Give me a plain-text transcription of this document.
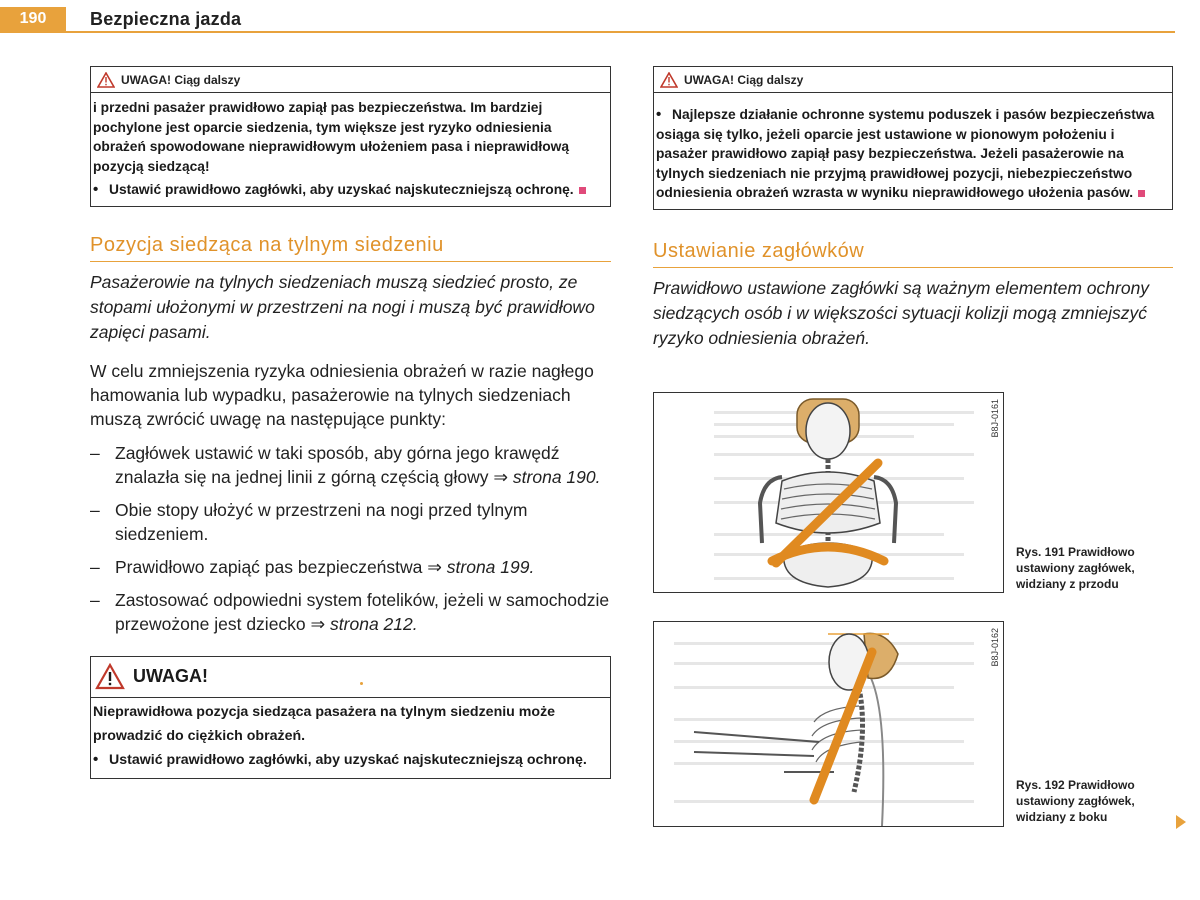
190	Bezpieczna jazda
UWAGA! Ciąg dalszy

i przedni pasażer prawidłowo zapiął pas bezpieczeństwa. Im bardziej pochylone jest oparcie siedzenia, tym większe jest ryzyko odniesienia obrażeń spowodowane nieprawidłowym ułożeniem pasa i nieprawidłową pozycją siedzącą!

• Ustawić prawidłowo zagłówki, aby uzyskać najskuteczniejszą ochronę.

Pozycja siedząca na tylnym siedzeniu

Pasażerowie na tylnych siedzeniach muszą siedzieć prosto, ze stopami ułożonymi w przestrzeni na nogi i muszą być prawidłowo zapięci pasami.

W celu zmniejszenia ryzyka odniesienia obrażeń w razie nagłego hamowania lub wypadku, pasażerowie na tylnych siedzeniach muszą zwrócić uwagę na następujące punkty:

– Zagłówek ustawić w taki sposób, aby górna jego krawędź znalazła się na jednej linii z górną częścią głowy ⇒ strona 190.
– Obie stopy ułożyć w przestrzeni na nogi przed tylnym siedzeniem.
– Prawidłowo zapiąć pas bezpieczeństwa ⇒ strona 199.
– Zastosować odpowiedni system fotelików, jeżeli w samochodzie przewożone jest dziecko ⇒ strona 212.
UWAGA!

Nieprawidłowa pozycja siedząca pasażera na tylnym siedzeniu może prowadzić do ciężkich obrażeń.

• Ustawić prawidłowo zagłówki, aby uzyskać najskuteczniejszą ochronę.

UWAGA! Ciąg dalszy

• Najlepsze działanie ochronne systemu poduszek i pasów bezpieczeństwa osiąga się tylko, jeżeli oparcie jest ustawione w pionowym położeniu i pasażer prawidłowo zapiął pasy bezpieczeństwa. Jeżeli pasażerowie na tylnych siedzeniach nie przyjmą prawidłowej pozycji, niebezpieczeństwo odniesienia obrażeń wzrasta w wyniku nieprawidłowego ułożenia pasów.

Ustawianie zagłówków

Prawidłowo ustawione zagłówki są ważnym elementem ochrony siedzących osób i w większości sytuacji kolizji mogą zmniejszyć ryzyko odniesienia obrażeń.

B8J-0161
Rys. 191 Prawidłowo ustawiony zagłówek, widziany z przodu
B8J-0162
Rys. 192 Prawidłowo ustawiony zagłówek, widziany z boku
